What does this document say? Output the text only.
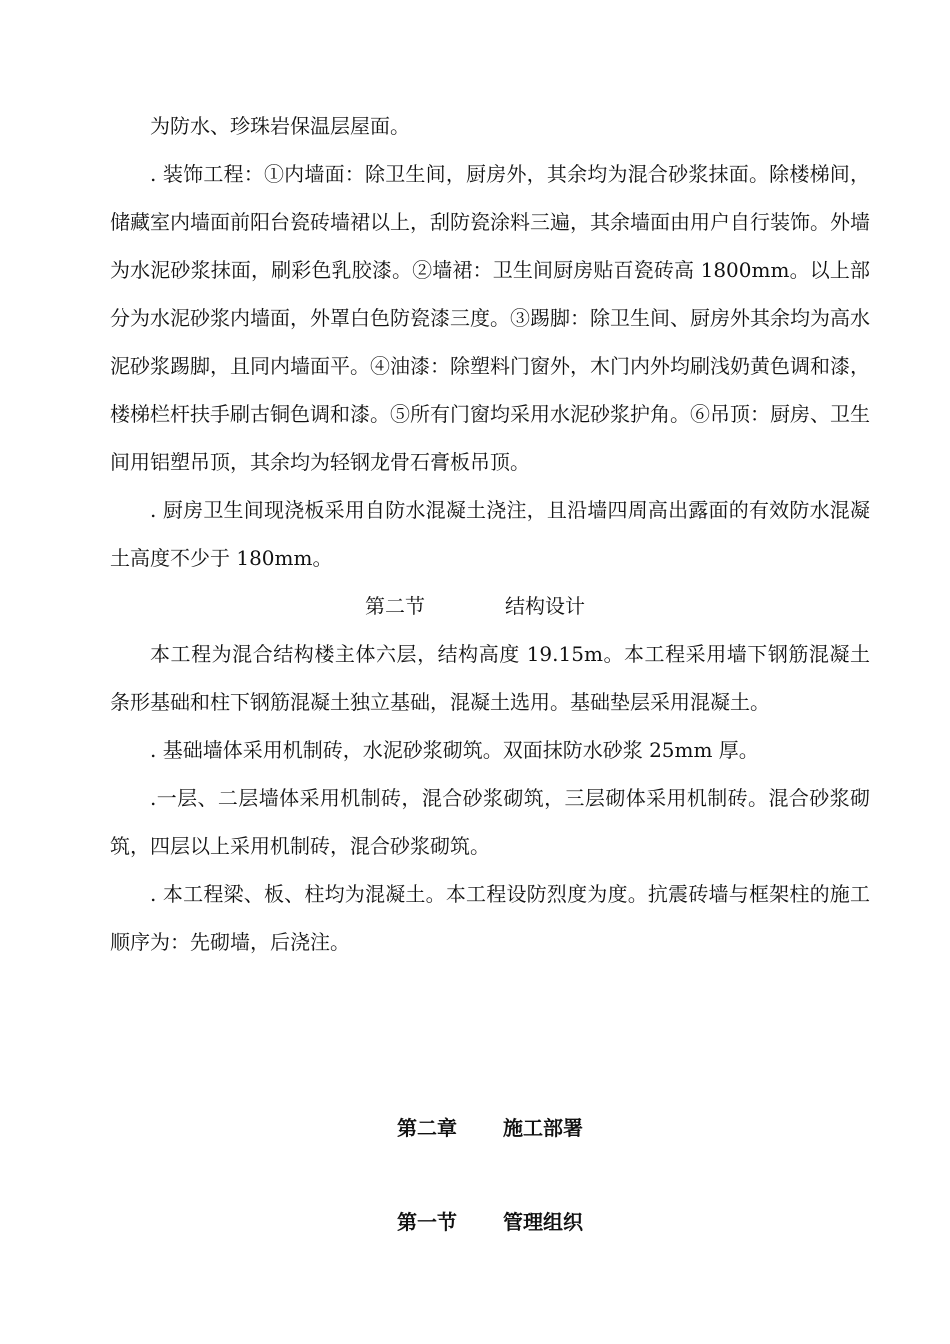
为防水、珍珠岩保温层屋面。

. 装饰工程：①内墙面：除卫生间，厨房外，其余均为混合砂浆抹面。除楼梯间，储藏室内墙面前阳台瓷砖墙裙以上，刮防瓷涂料三遍，其余墙面由用户自行装饰。外墙为水泥砂浆抹面，刷彩色乳胶漆。②墙裙：卫生间厨房贴百瓷砖高 1800mm。以上部分为水泥砂浆内墙面，外罩白色防瓷漆三度。③踢脚：除卫生间、厨房外其余均为高水泥砂浆踢脚，且同内墙面平。④油漆：除塑料门窗外，木门内外均刷浅奶黄色调和漆，楼梯栏杆扶手刷古铜色调和漆。⑤所有门窗均采用水泥砂浆护角。⑥吊顶：厨房、卫生间用铝塑吊顶，其余均为轻钢龙骨石膏板吊顶。

. 厨房卫生间现浇板采用自防水混凝土浇注，且沿墙四周高出露面的有效防水混凝土高度不少于 180mm。

第二节	结构设计

本工程为混合结构楼主体六层，结构高度 19.15m。本工程采用墙下钢筋混凝土条形基础和柱下钢筋混凝土独立基础，混凝土选用。基础垫层采用混凝土。

. 基础墙体采用机制砖，水泥砂浆砌筑。双面抹防水砂浆 25mm 厚。

.一层、二层墙体采用机制砖，混合砂浆砌筑，三层砌体采用机制砖。混合砂浆砌筑，四层以上采用机制砖，混合砂浆砌筑。

. 本工程梁、板、柱均为混凝土。本工程设防烈度为度。抗震砖墙与框架柱的施工顺序为：先砌墙，后浇注。

第二章 施工部署
第一节 管理组织
